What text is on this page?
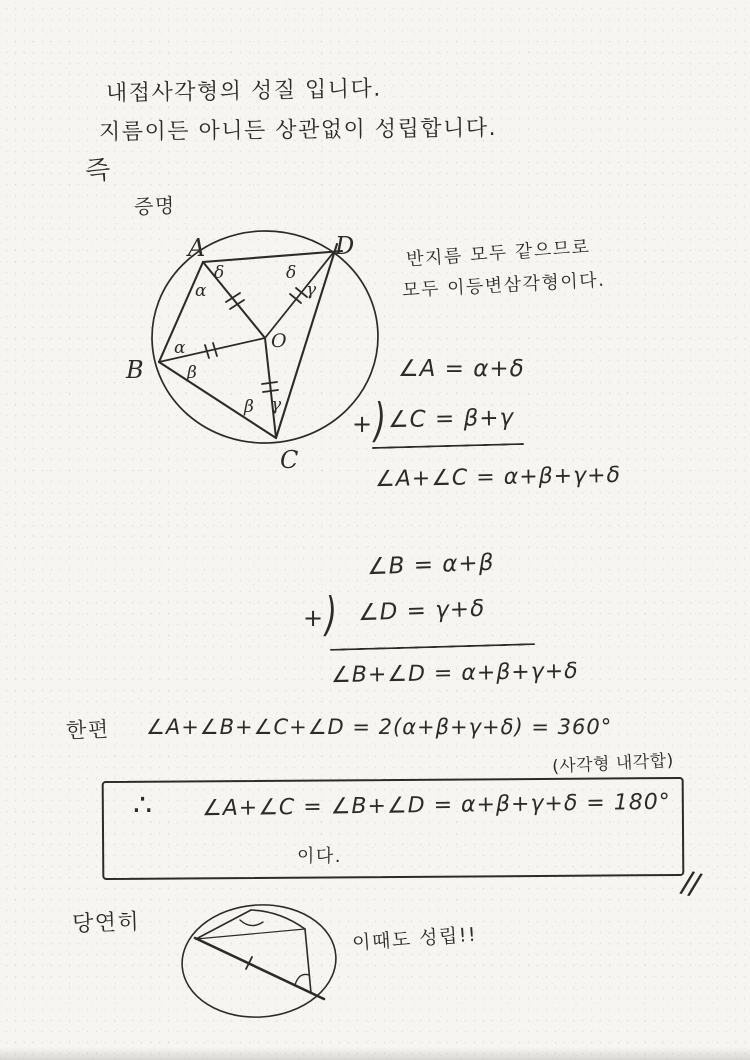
내접사각형의 성질 입니다.
지름이든 아니든 상관없이 성립합니다.
즉
증명
A	D
B
C
O
δ
α
δ
γ
α
β
β γ
반지름 모두 같으므로
모두 이등변삼각형이다.
∠A = α+δ
+ ) ∠C = β+γ
∠A+∠C = α+β+γ+δ
∠B = α+β
+ ) ∠D = γ+δ
∠B+∠D = α+β+γ+δ
한편 ∠A+∠B+∠C+∠D = 2(α+β+γ+δ) = 360°
(사각형 내각합)
∴ ∠A+∠C = ∠B+∠D = α+β+γ+δ = 180°
이다.
//
당연히
이때도 성립!!
